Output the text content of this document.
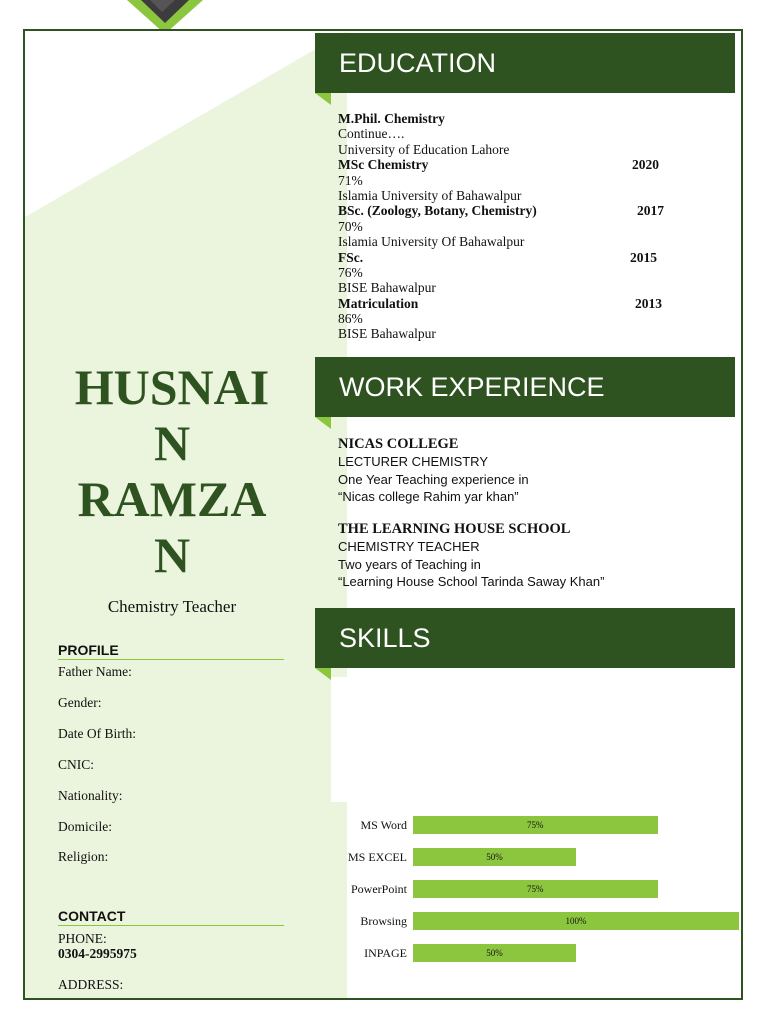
HUSNAI
N
RAMZA
N
Chemistry Teacher
PROFILE
Father Name:
Gender:
Date Of Birth:
CNIC:
Nationality:
Domicile:
Religion:
CONTACT
PHONE:
0304-2995975
ADDRESS:
EDUCATION
M.Phil. Chemistry
Continue….
University of Education Lahore
MSc Chemistry	2020
71%
Islamia University of Bahawalpur
BSc. (Zoology, Botany, Chemistry)	2017
70%
Islamia University Of Bahawalpur
FSc.	2015
76%
BISE Bahawalpur
Matriculation	2013
86%
BISE Bahawalpur
WORK EXPERIENCE
NICAS COLLEGE
LECTURER CHEMISTRY
One Year Teaching experience in
“Nicas college Rahim yar khan”
THE LEARNING HOUSE SCHOOL
CHEMISTRY TEACHER
Two years of Teaching in
“Learning House School Tarinda Saway Khan”
SKILLS
MS Word	75%
MS EXCEL	50%
PowerPoint	75%
Browsing	100%
INPAGE	50%
